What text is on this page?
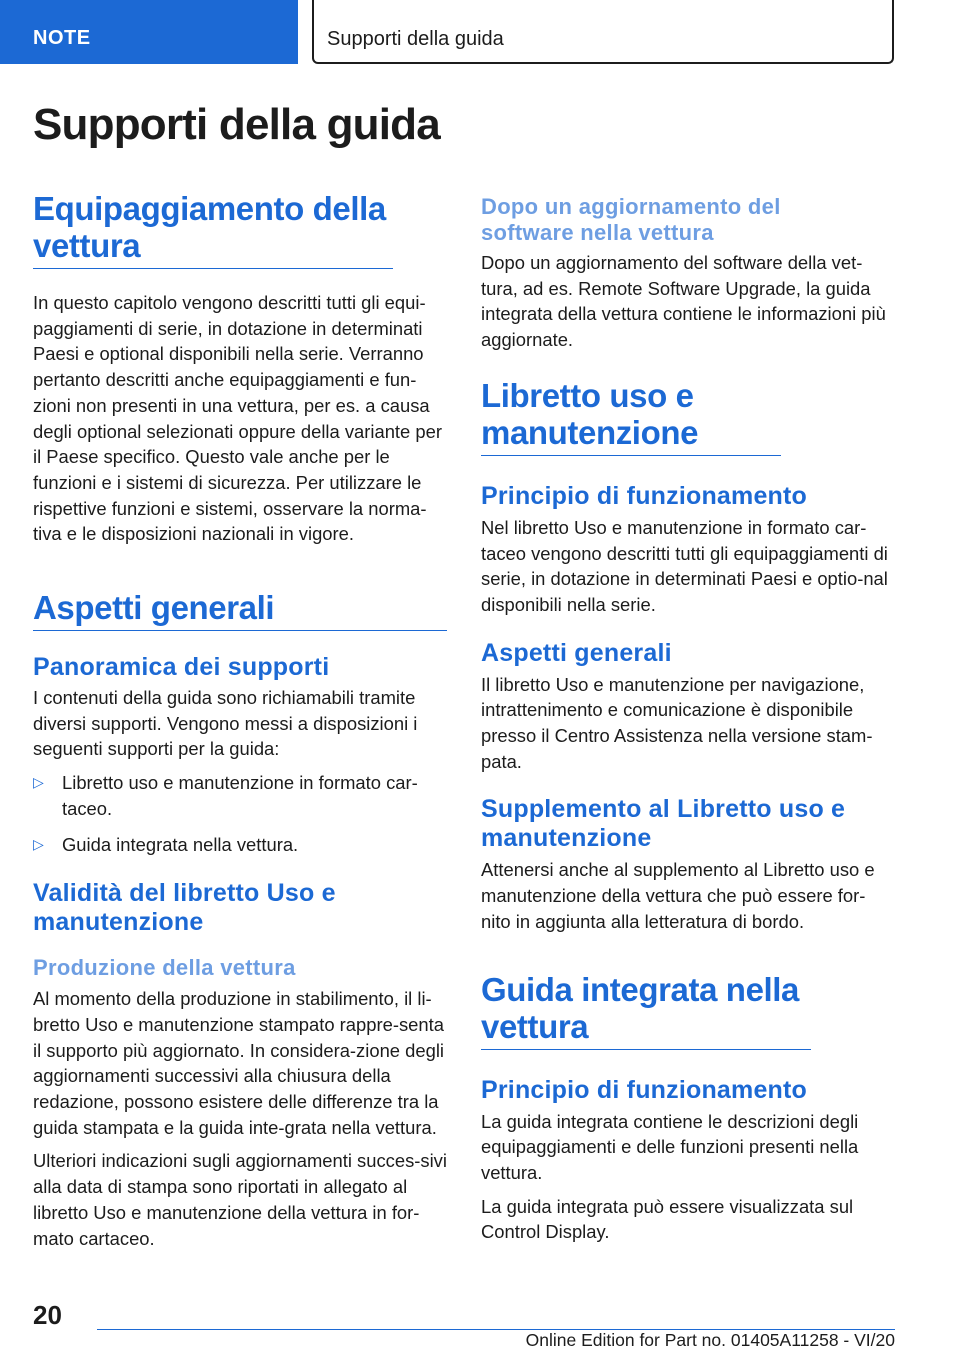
NOTE	Supporti della guida
Supporti della guida
Equipaggiamento della vettura

In questo capitolo vengono descritti tutti gli equi-paggiamenti di serie, in dotazione in determinati Paesi e optional disponibili nella serie. Verranno pertanto descritti anche equipaggiamenti e fun-zioni non presenti in una vettura, per es. a causa degli optional selezionati oppure della variante per il Paese specifico. Questo vale anche per le funzioni e i sistemi di sicurezza. Per utilizzare le rispettive funzioni e sistemi, osservare la norma-tiva e le disposizioni nazionali in vigore.

Aspetti generali
Panoramica dei supporti

I contenuti della guida sono richiamabili tramite diversi supporti. Vengono messi a disposizioni i seguenti supporti per la guida:

▷ Libretto uso e manutenzione in formato car-taceo.
▷ Guida integrata nella vettura.
Validità del libretto Uso e manutenzione
Produzione della vettura

Al momento della produzione in stabilimento, il li-bretto Uso e manutenzione stampato rappre-senta il supporto più aggiornato. In considera-zione degli aggiornamenti successivi alla chiusura della redazione, possono esistere delle differenze tra la guida stampata e la guida inte-grata nella vettura.

Ulteriori indicazioni sugli aggiornamenti succes-sivi alla data di stampa sono riportati in allegato al libretto Uso e manutenzione della vettura in for-mato cartaceo.

Dopo un aggiornamento del software nella vettura

Dopo un aggiornamento del software della vet-tura, ad es. Remote Software Upgrade, la guida integrata della vettura contiene le informazioni più aggiornate.

Libretto uso e manutenzione
Principio di funzionamento

Nel libretto Uso e manutenzione in formato car-taceo vengono descritti tutti gli equipaggiamenti di serie, in dotazione in determinati Paesi e optio-nal disponibili nella serie.

Aspetti generali

Il libretto Uso e manutenzione per navigazione, intrattenimento e comunicazione è disponibile presso il Centro Assistenza nella versione stam-pata.

Supplemento al Libretto uso e manutenzione

Attenersi anche al supplemento al Libretto uso e manutenzione della vettura che può essere for-nito in aggiunta alla letteratura di bordo.

Guida integrata nella vettura
Principio di funzionamento

La guida integrata contiene le descrizioni degli equipaggiamenti e delle funzioni presenti nella vettura.

La guida integrata può essere visualizzata sul Control Display.

20
Online Edition for Part no. 01405A11258 - VI/20
